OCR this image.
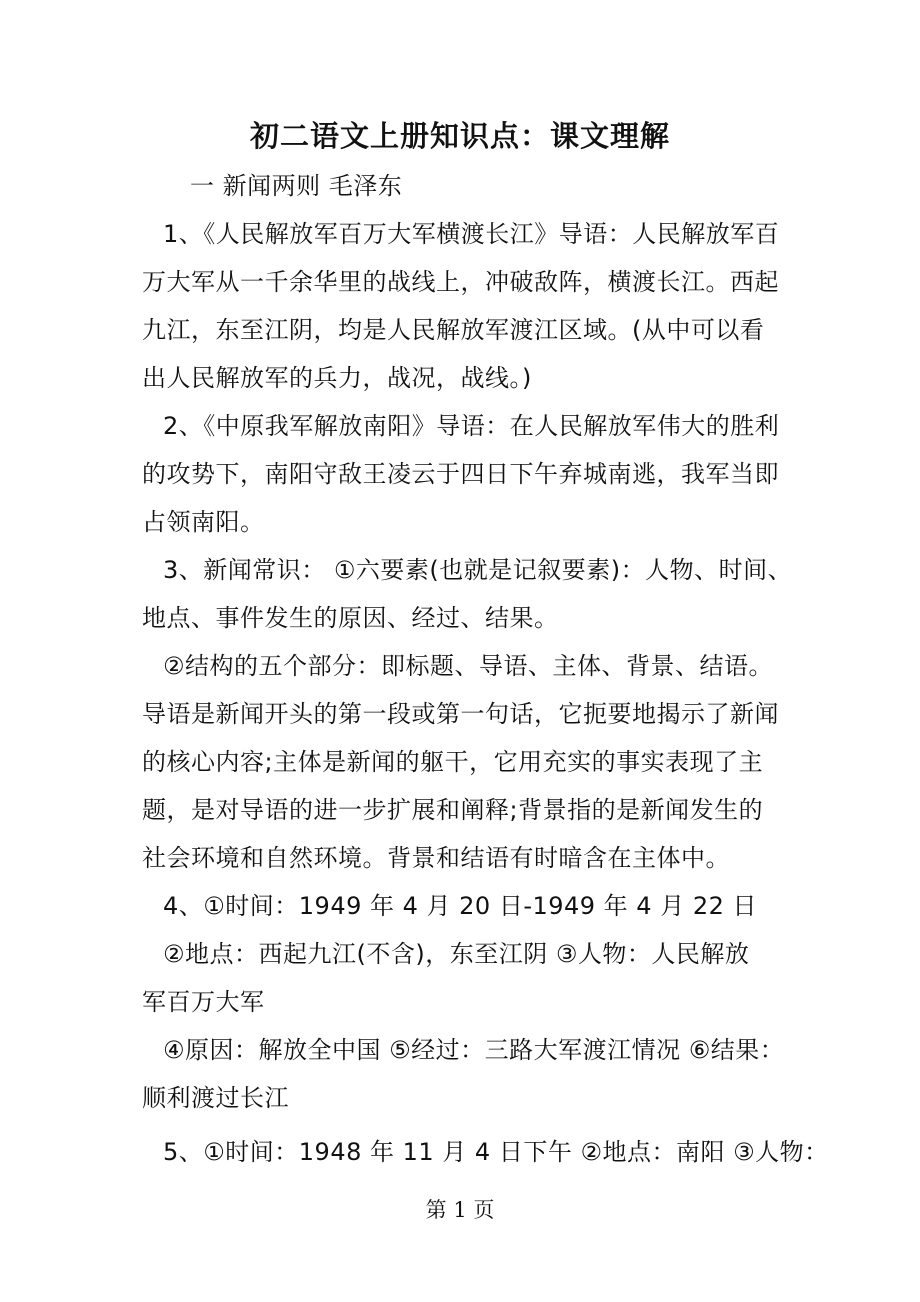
初二语文上册知识点：课文理解
一 新闻两则 毛泽东
1、《人民解放军百万大军横渡长江》导语：人民解放军百
万大军从一千余华里的战线上，冲破敌阵，横渡长江。西起
九江，东至江阴，均是人民解放军渡江区域。(从中可以看
出人民解放军的兵力，战况，战线。)
2、《中原我军解放南阳》导语：在人民解放军伟大的胜利
的攻势下，南阳守敌王凌云于四日下午弃城南逃，我军当即
占领南阳。
3、新闻常识： ①六要素(也就是记叙要素)：人物、时间、
地点、事件发生的原因、经过、结果。
②结构的五个部分：即标题、导语、主体、背景、结语。
导语是新闻开头的第一段或第一句话，它扼要地揭示了新闻
的核心内容;主体是新闻的躯干，它用充实的事实表现了主
题，是对导语的进一步扩展和阐释;背景指的是新闻发生的
社会环境和自然环境。背景和结语有时暗含在主体中。
4、①时间：1949 年 4 月 20 日-1949 年 4 月 22 日
②地点：西起九江(不含)，东至江阴 ③人物：人民解放
军百万大军
④原因：解放全中国 ⑤经过：三路大军渡江情况 ⑥结果：
顺利渡过长江
5、①时间：1948 年 11 月 4 日下午 ②地点：南阳 ③人物：
第 1 页
